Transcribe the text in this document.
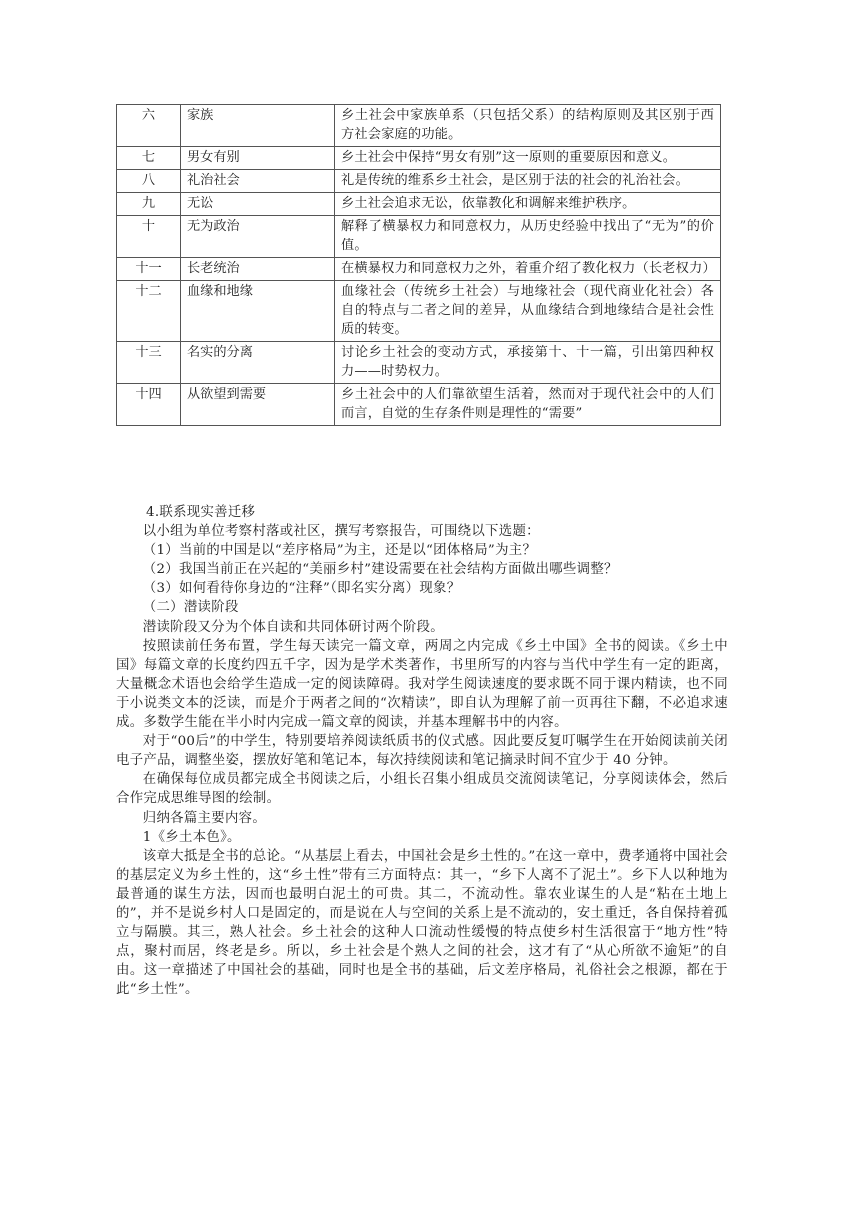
六	家族	乡土社会中家族单系（只包括父系）的结构原则及其区别于西方社会家庭的功能。
七	男女有别	乡土社会中保持“男女有别”这一原则的重要原因和意义。
八	礼治社会	礼是传统的维系乡土社会，是区别于法的社会的礼治社会。
九	无讼	乡土社会追求无讼，依靠教化和调解来维护秩序。
十	无为政治	解释了横暴权力和同意权力，从历史经验中找出了“无为”的价值。
十一	长老统治	在横暴权力和同意权力之外，着重介绍了教化权力（长老权力）
十二	血缘和地缘	血缘社会（传统乡土社会）与地缘社会（现代商业化社会）各自的特点与二者之间的差异，从血缘结合到地缘结合是社会性质的转变。
十三	名实的分离	讨论乡土社会的变动方式，承接第十、十一篇，引出第四种权力——时势权力。
十四	从欲望到需要	乡土社会中的人们靠欲望生活着，然而对于现代社会中的人们而言，自觉的生存条件则是理性的“需要”

4.联系现实善迁移

以小组为单位考察村落或社区，撰写考察报告，可围绕以下选题：

（1）当前的中国是以“差序格局”为主，还是以“团体格局”为主？

（2）我国当前正在兴起的“美丽乡村”建设需要在社会结构方面做出哪些调整？

（3）如何看待你身边的“注释”（即名实分离）现象？

（二）潜读阶段

潜读阶段又分为个体自读和共同体研讨两个阶段。

按照读前任务布置，学生每天读完一篇文章，两周之内完成《乡土中国》全书的阅读。《乡土中国》每篇文章的长度约四五千字，因为是学术类著作，书里所写的内容与当代中学生有一定的距离，大量概念术语也会给学生造成一定的阅读障碍。我对学生阅读速度的要求既不同于课内精读，也不同于小说类文本的泛读，而是介于两者之间的“次精读”，即自认为理解了前一页再往下翻，不必追求速成。多数学生能在半小时内完成一篇文章的阅读，并基本理解书中的内容。

对于“00后”的中学生，特别要培养阅读纸质书的仪式感。因此要反复叮嘱学生在开始阅读前关闭电子产品，调整坐姿，摆放好笔和笔记本，每次持续阅读和笔记摘录时间不宜少于 40 分钟。

在确保每位成员都完成全书阅读之后，小组长召集小组成员交流阅读笔记，分享阅读体会，然后合作完成思维导图的绘制。

归纳各篇主要内容。

1《乡土本色》。

该章大抵是全书的总论。“从基层上看去，中国社会是乡土性的。”在这一章中，费孝通将中国社会的基层定义为乡土性的，这“乡土性”带有三方面特点：其一，“乡下人离不了泥土”。乡下人以种地为最普通的谋生方法，因而也最明白泥土的可贵。其二，不流动性。靠农业谋生的人是“粘在土地上的”，并不是说乡村人口是固定的，而是说在人与空间的关系上是不流动的，安土重迁，各自保持着孤立与隔膜。其三，熟人社会。乡土社会的这种人口流动性缓慢的特点使乡村生活很富于“地方性”特点，聚村而居，终老是乡。所以，乡土社会是个熟人之间的社会，这才有了“从心所欲不逾矩”的自由。这一章描述了中国社会的基础，同时也是全书的基础，后文差序格局，礼俗社会之根源，都在于此“乡土性”。
